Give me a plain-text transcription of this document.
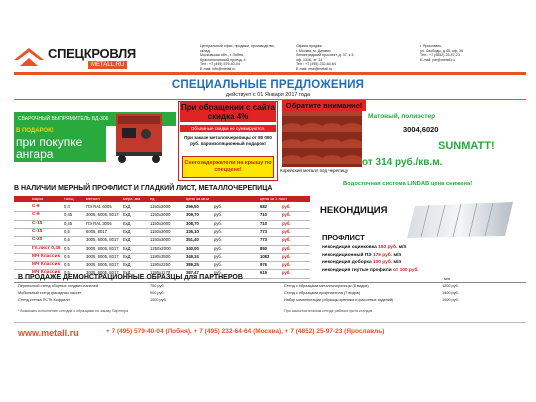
СПЕЦКРОВЛЯ
METALL.RU
Центральный офис, продажи, производство, склад:
Московская обл., г. Лобня,
Краснополянский проезд, 4
Тел.: +7 (495) 579-40-04
E-mail: info@metall.ru
Офисы продаж:
г. Москва, м. Динамо,
Ленинградский проспект, д. 37, к.3,
оф. 131Б, эт. 14
Тел.: +7 (495) 232-64-64
E-mail: msk@metall.ru
г. Ярославль,
ул. Свободы, д.45, оф. 36
Тел.: +7 (4852) 25-97-23
E-mail: yar@metall.ru
СПЕЦИАЛЬНЫЕ ПРЕДЛОЖЕНИЯ
действует с 01 Января 2017 года
СВАРОЧНЫЙ ВЫПРЯМИТЕЛЬ ВД-306
В ПОДАРОК!
при покупке ангара
При обращении с сайта скидка 4%
Объемные скидки не суммируются.
При заказе металлочерепицы от 80 000 руб. пароизоляционный подарок!
Снегозадержатели на крышу по спеццене!
Обратите внимание!
Корейский металл под черепицу
Матовый, полиэстер
3004,6020
SUNMATT!
от 314 руб./кв.м.
Водосточная система LINDAB цена снижена!
В НАЛИЧИИ МЕРНЫЙ ПРОФЛИСТ И ГЛАДКИЙ ЛИСТ, МЕТАЛЛОЧЕРЕПИЦА
марка	толщ	металл	мера, мм ед	цена за кв.м	цена за 1 лист
С-8	0,4	ПЭ RAL 6005	ЕкД	1150x2000	296,50	руб.	682	руб.
С-8	0,45	3005, 6005, 8017 ЕкД	1150x2000	309,70	руб.	710	руб.
С-15	0,45	ПЭ RAL 3005	ЕкД	1150x2000	308,70	руб.	710	руб.
С-15	0,5	6005, 8017	ЕкД	1150x2000	336,10	руб.	773	руб.
С-20	0,5	3005, 6005, 8017 ЕкД	1150x2000	351,40	руб.	773	руб.
Гл.лист 0,45 0,5	3005, 6005, 8017 ЕкД	1250x2000	340,00	руб.	850	руб.
МЧ Классик 0,5	3005, 6005, 8017 ЕкД	1180x3500	349,34	руб.	1083	руб.
МЧ Классик 0,5	3005, 6005, 8017 ЕкД	1180x2250	389,25	руб.	976	руб.
МЧ Классик 0,5	3005, 6005, 8017 ЕкД	1180x1170	387,47	руб.	615	руб.
НЕКОНДИЦИЯ
ПРОФЛИСТ
некондиция оцинковка 150 руб. м/п
некондиционный ПЭ 175 руб. м/п
некондиция доборка 100 руб. м/п
некондиция гнутые профили от 100 руб.
В ПРОДАЖЕ ДЕМОНСТРАЦИОННЫЕ ОБРАЗЦЫ для ПАРТНЕРОВ	м/п
Переносной стенд сборных сэндвич-панелей	750 руб.
Мобильный стенд фасадных кассет	900 руб.
Стенд стенка ПСТК Кофрили	1000 руб.
Стенд с образцами металлочерепицы (5 видов)	1200 руб.
Стенд с образцами профнастила (7 видов)	1500 руб.
Набор комплектации (образцы крепежа и фасонных изделий)	1000 руб.
* Возможно исполнение стендов с образцами по заказу Партнера	При самостоятельном стенде рабочие фото стендов
www.metall.ru	+ 7 (495) 579-40-04 (Лобня), + 7 (495) 232-64-64 (Москва), + 7 (4852) 25-97-23 (Ярославль)
